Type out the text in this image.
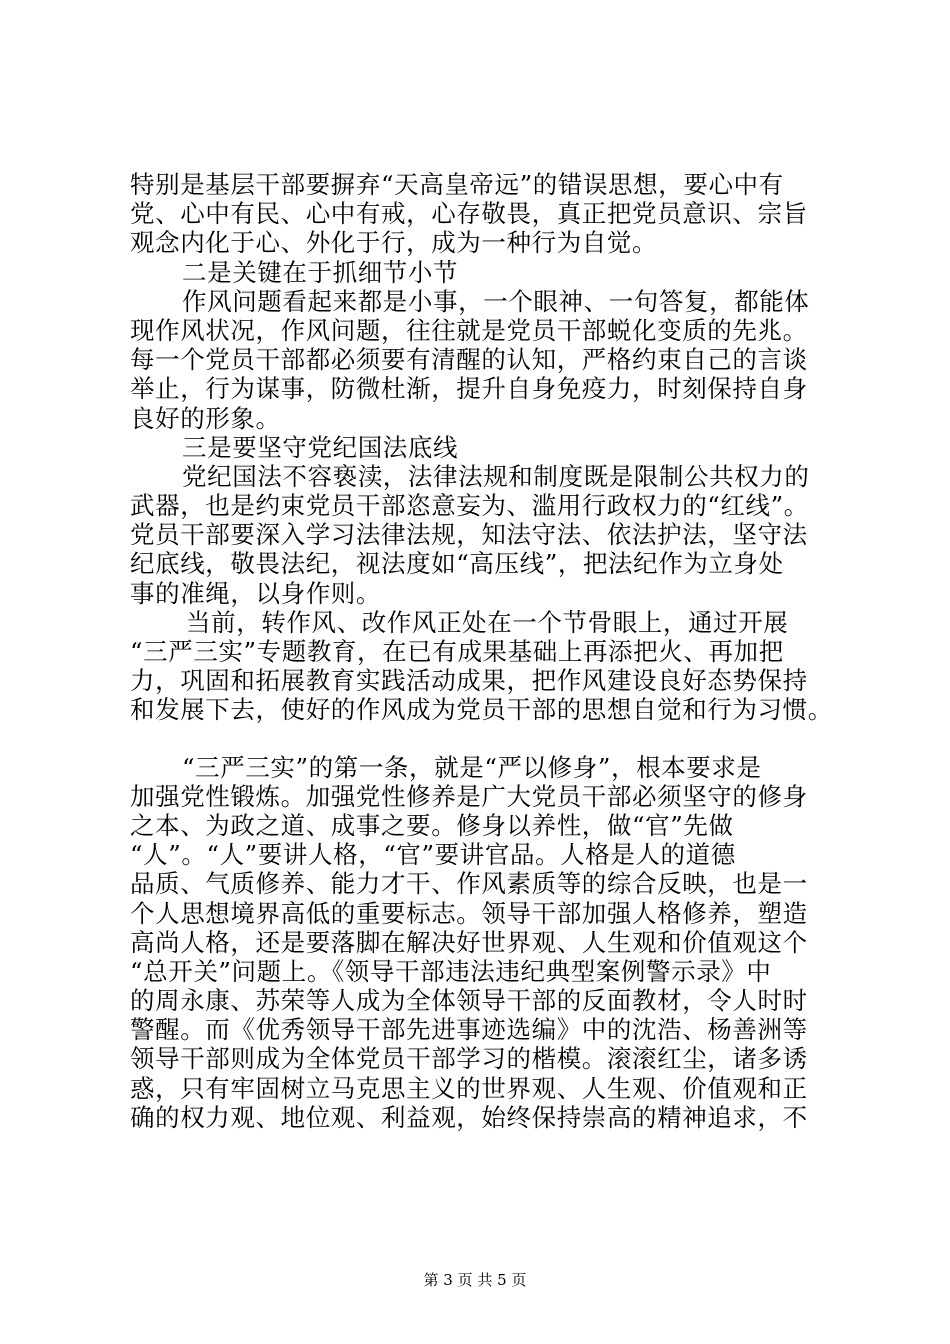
特别是基层干部要摒弃“天高皇帝远”的错误思想，要心中有
党、心中有民、心中有戒，心存敬畏，真正把党员意识、宗旨
观念内化于心、外化于行，成为一种行为自觉。
二是关键在于抓细节小节
作风问题看起来都是小事，一个眼神、一句答复，都能体
现作风状况，作风问题，往往就是党员干部蜕化变质的先兆。
每一个党员干部都必须要有清醒的认知，严格约束自己的言谈
举止，行为谋事，防微杜渐，提升自身免疫力，时刻保持自身
良好的形象。
三是要坚守党纪国法底线
党纪国法不容亵渎，法律法规和制度既是限制公共权力的
武器，也是约束党员干部恣意妄为、滥用行政权力的“红线”。
党员干部要深入学习法律法规，知法守法、依法护法，坚守法
纪底线，敬畏法纪，视法度如“高压线”，把法纪作为立身处
事的准绳，以身作则。
当前，转作风、改作风正处在一个节骨眼上，通过开展
“三严三实”专题教育，在已有成果基础上再添把火、再加把
力，巩固和拓展教育实践活动成果，把作风建设良好态势保持
和发展下去，使好的作风成为党员干部的思想自觉和行为习惯。
“三严三实”的第一条，就是“严以修身”，根本要求是
加强党性锻炼。加强党性修养是广大党员干部必须坚守的修身
之本、为政之道、成事之要。修身以养性，做“官”先做
“人”。“人”要讲人格，“官”要讲官品。人格是人的道德
品质、气质修养、能力才干、作风素质等的综合反映，也是一
个人思想境界高低的重要标志。领导干部加强人格修养，塑造
高尚人格，还是要落脚在解决好世界观、人生观和价值观这个
“总开关”问题上。《领导干部违法违纪典型案例警示录》中
的周永康、苏荣等人成为全体领导干部的反面教材，令人时时
警醒。而《优秀领导干部先进事迹选编》中的沈浩、杨善洲等
领导干部则成为全体党员干部学习的楷模。滚滚红尘，诸多诱
惑，只有牢固树立马克思主义的世界观、人生观、价值观和正
确的权力观、地位观、利益观，始终保持崇高的精神追求，不
第 3 页 共 5 页
